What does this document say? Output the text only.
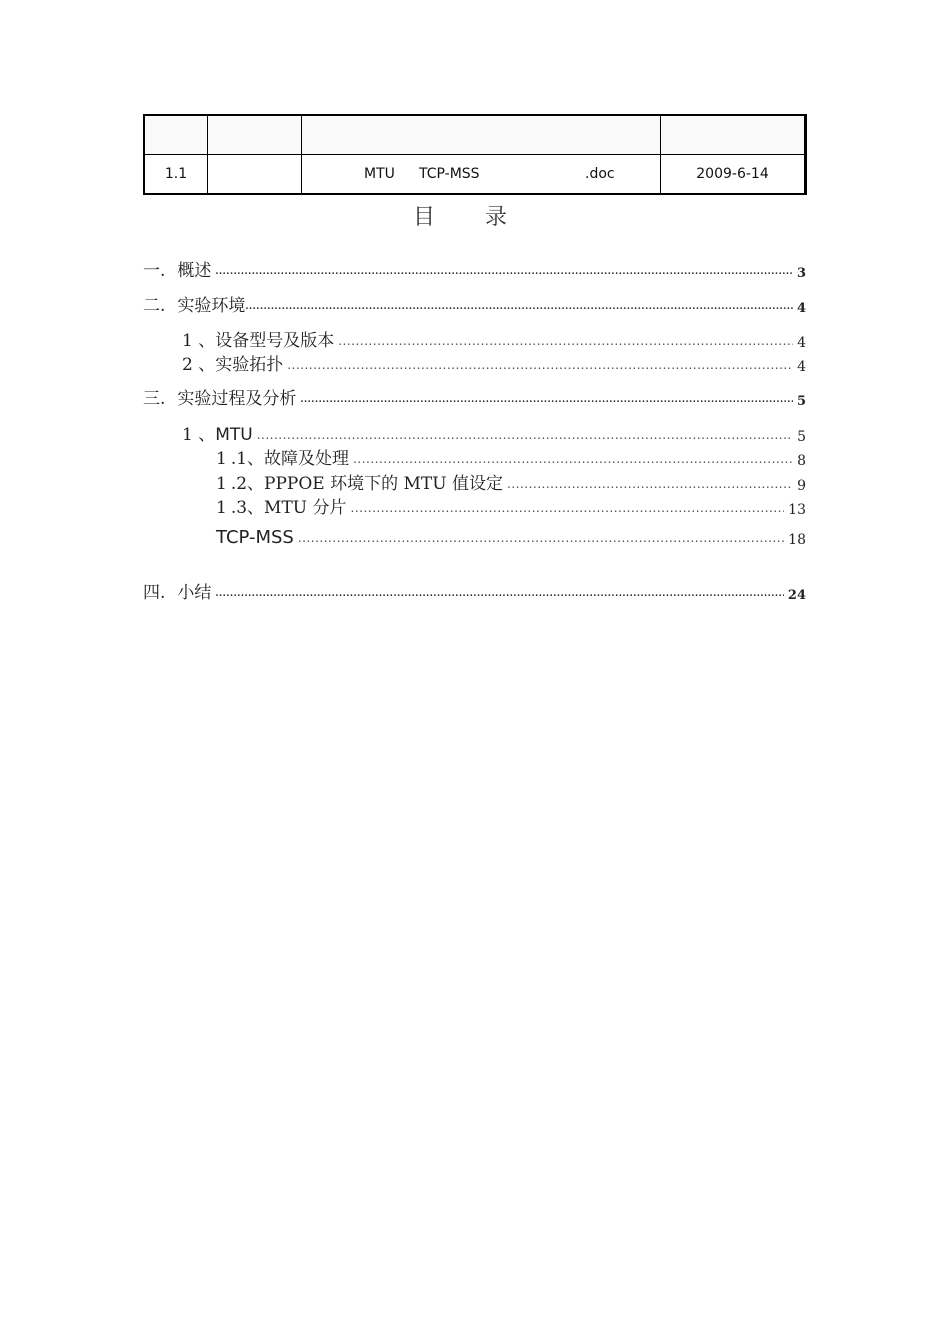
1.1		MTU TCP-MSS .doc	2009-6-14
目 录
一. 概述 .....	3
二. 实验环境 .....	4
1 、 设备型号及版本 .....	4
2 、 实验拓扑 .....	4
三. 实验过程及分析 .....	5
1 、 MTU .....	5
1 .1、故障及处理 .....	8
1 .2、PPPOE 环境下的 MTU 值设定 .....	9
1 .3、MTU 分片 .....	13
TCP-MSS .....	18
四. 小结 .....	24
